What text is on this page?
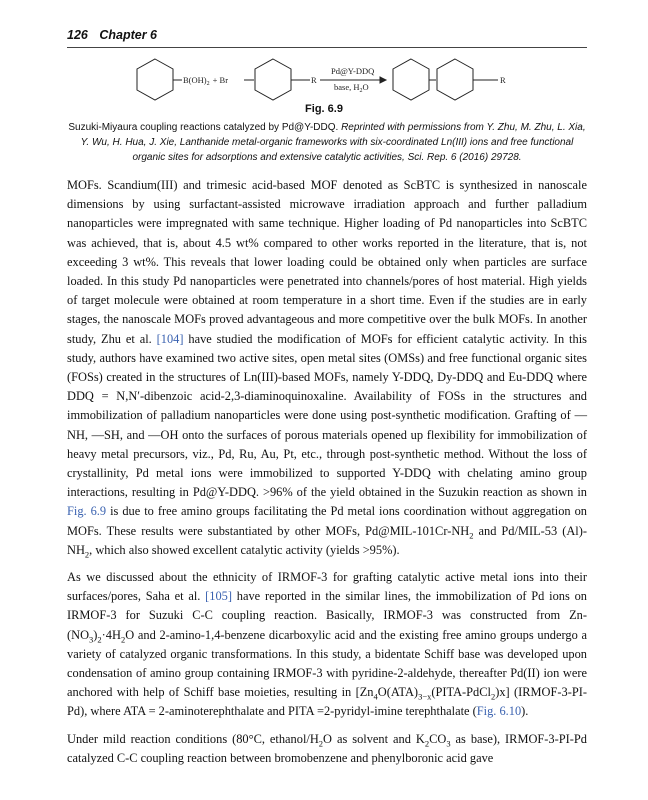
126 Chapter 6
$B(OH)_2 + Br$	R
Pd@Y-DDQ
base, $H_2O$
R
Fig. 6.9
Suzuki-Miyaura coupling reactions catalyzed by Pd@Y-DDQ. Reprinted with permissions from Y. Zhu, M. Zhu, L. Xia, Y. Wu, H. Hua, J. Xie, Lanthanide metal-organic frameworks with six-coordinated Ln(III) ions and free functional organic sites for adsorptions and extensive catalytic activities, Sci. Rep. 6 (2016) 29728.

MOFs. Scandium(III) and trimesic acid-based MOF denoted as ScBTC is synthesized in nanoscale dimensions by using surfactant-assisted microwave irradiation approach and further palladium nanoparticles were impregnated with same technique. Higher loading of Pd nanoparticles into ScBTC was achieved, that is, about 4.5 wt% compared to other works reported in the literature, that is, not exceeding 3 wt%. This reveals that lower loading could be obtained only when particles are surface loaded. In this study Pd nanoparticles were penetrated into channels/pores of host material. High yields of target molecule were obtained at room temperature in a short time. Even if the studies are in early stages, the nanoscale MOFs proved advantageous and more competitive over the bulk MOFs. In another study, Zhu et al. [104] have studied the modification of MOFs for efficient catalytic activity. In this study, authors have examined two active sites, open metal sites (OMSs) and free functional organic sites (FOSs) created in the structures of Ln(III)-based MOFs, namely Y-DDQ, Dy-DDQ and Eu-DDQ where DDQ = N,N′-dibenzoic acid-2,3-diaminoquinoxaline. Availability of FOSs in the structures and immobilization of palladium nanoparticles were done using post-synthetic modification. Grafting of —NH, —SH, and —OH onto the surfaces of porous materials opened up flexibility for immobilization of heavy metal precursors, viz., Pd, Ru, Au, Pt, etc., through post-synthetic method. Without the loss of crystallinity, Pd metal ions were immobilized to supported Y-DDQ with chelating amino group interactions, resulting in Pd@Y-DDQ. >96% of the yield obtained in the Suzukin reaction as shown in Fig. 6.9 is due to free amino groups facilitating the Pd metal ions coordination without aggregation on MOFs. These results were substantiated by other MOFs, $Pd@MIL-101Cr-NH_2$ and Pd/MIL-53 $(Al)-NH_2$, which also showed excellent catalytic activity (yields >95%).

As we discussed about the ethnicity of IRMOF-3 for grafting catalytic active metal ions into their surfaces/pores, Saha et al. [105] have reported in the similar lines, the immobilization of Pd ions on IRMOF-3 for Suzuki C-C coupling reaction. Basically, IRMOF-3 was constructed from $Zn-(NO_3)_2\cdot 4H_2O$ and 2-amino-1,4-benzene dicarboxylic acid and the existing free amino groups undergo a variety of catalyzed organic transformations. In this study, a bidentate Schiff base was developed upon condensation of amino group containing IRMOF-3 with pyridine-2-aldehyde, thereafter Pd(II) ion were anchored with help of Schiff base moieties, resulting in $[Zn_4O(ATA)_{3-x}(PITA-PdCl_2)x]$ (IRMOF-3-PI-Pd), where ATA = 2-aminoterephthalate and PITA =2-pyridyl-imine terephthalate (Fig. 6.10).

Under mild reaction conditions (80°C, ethanol/$H_2O$ as solvent and $K_2CO_3$ as base), IRMOF-3-PI-Pd catalyzed C-C coupling reaction between bromobenzene and phenylboronic acid gave
